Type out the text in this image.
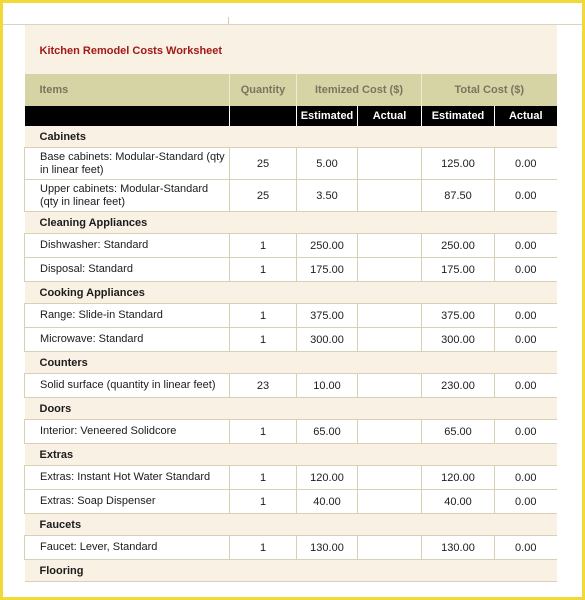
Kitchen Remodel Costs Worksheet					
Items	Quantity	Itemized Cost ($)		Total Cost ($)	
		Estimated	Actual	Estimated	Actual
Cabinets					
Base cabinets: Modular-Standard (qty in linear feet)	25	5.00		125.00	0.00
Upper cabinets: Modular-Standard (qty in linear feet)	25	3.50		87.50	0.00
Cleaning Appliances					
Dishwasher: Standard	1	250.00		250.00	0.00
Disposal: Standard	1	175.00		175.00	0.00
Cooking Appliances					
Range: Slide-in Standard	1	375.00		375.00	0.00
Microwave: Standard	1	300.00		300.00	0.00
Counters					
Solid surface (quantity in linear feet)	23	10.00		230.00	0.00
Doors					
Interior: Veneered Solidcore	1	65.00		65.00	0.00
Extras					
Extras: Instant Hot Water Standard	1	120.00		120.00	0.00
Extras: Soap Dispenser	1	40.00		40.00	0.00
Faucets					
Faucet: Lever, Standard	1	130.00		130.00	0.00
Flooring					
